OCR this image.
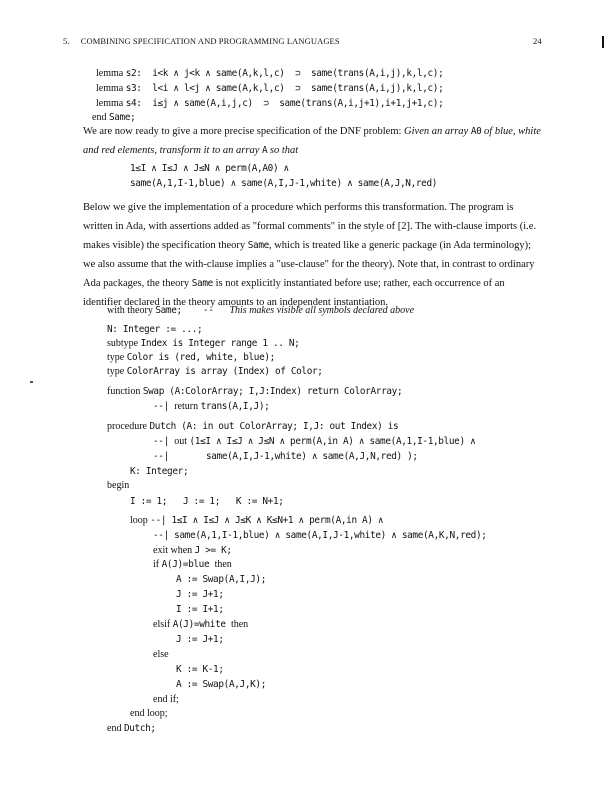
5.     COMBINING SPECIFICATION AND PROGRAMMING LANGUAGES	24
lemma s2:  i<k ∧ j<k ∧ same(A,k,l,c)  ⊃  same(trans(A,i,j),k,l,c);
lemma s3:  l<i ∧ l<j ∧ same(A,k,l,c)  ⊃  same(trans(A,i,j),k,l,c);
lemma s4:  i≤j ∧ same(A,i,j,c)  ⊃  same(trans(A,i,j+1),i+1,j+1,c);
end Same;
We are now ready to give a more precise specification of the DNF problem: Given an array A0 of blue, white and red elements, transform it to an array A so that
1≤I ∧ I≤J ∧ J≤N ∧ perm(A,A0) ∧
same(A,1,I-1,blue) ∧ same(A,I,J-1,white) ∧ same(A,J,N,red)
Below we give the implementation of a procedure which performs this transformation. The program is written in Ada, with assertions added as "formal comments" in the style of [2]. The with-clause imports (i.e. makes visible) the specification theory Same, which is treated like a generic package (in Ada terminology); we also assume that the with-clause implies a "use-clause" for the theory). Note that, in contrast to ordinary Ada packages, the theory Same is not explicitly instantiated before use; rather, each occurrence of an identifier declared in the theory amounts to an independent instantiation.
with theory Same;    --   This makes visible all symbols declared above
N: Integer := ...;
subtype Index is Integer range 1 .. N;
type Color is (red, white, blue);
type ColorArray is array (Index) of Color;
function Swap (A:ColorArray; I,J:Index) return ColorArray;
--| return trans(A,I,J);
procedure Dutch (A: in out ColorArray; I,J: out Index) is
--| out (1≤I ∧ I≤J ∧ J≤N ∧ perm(A,in A) ∧ same(A,1,I-1,blue) ∧
--|       same(A,I,J-1,white) ∧ same(A,J,N,red) );
K: Integer;
begin
I := 1;   J := 1;   K := N+1;
loop --| 1≤I ∧ I≤J ∧ J≤K ∧ K≤N+1 ∧ perm(A,in A) ∧
--| same(A,1,I-1,blue) ∧ same(A,I,J-1,white) ∧ same(A,K,N,red);
exit when J >= K;
if A(J)=blue then
A := Swap(A,I,J);
J := J+1;
I := I+1;
elsif A(J)=white then
J := J+1;
else
K := K-1;
A := Swap(A,J,K);
end if;
end loop;
end Dutch;
